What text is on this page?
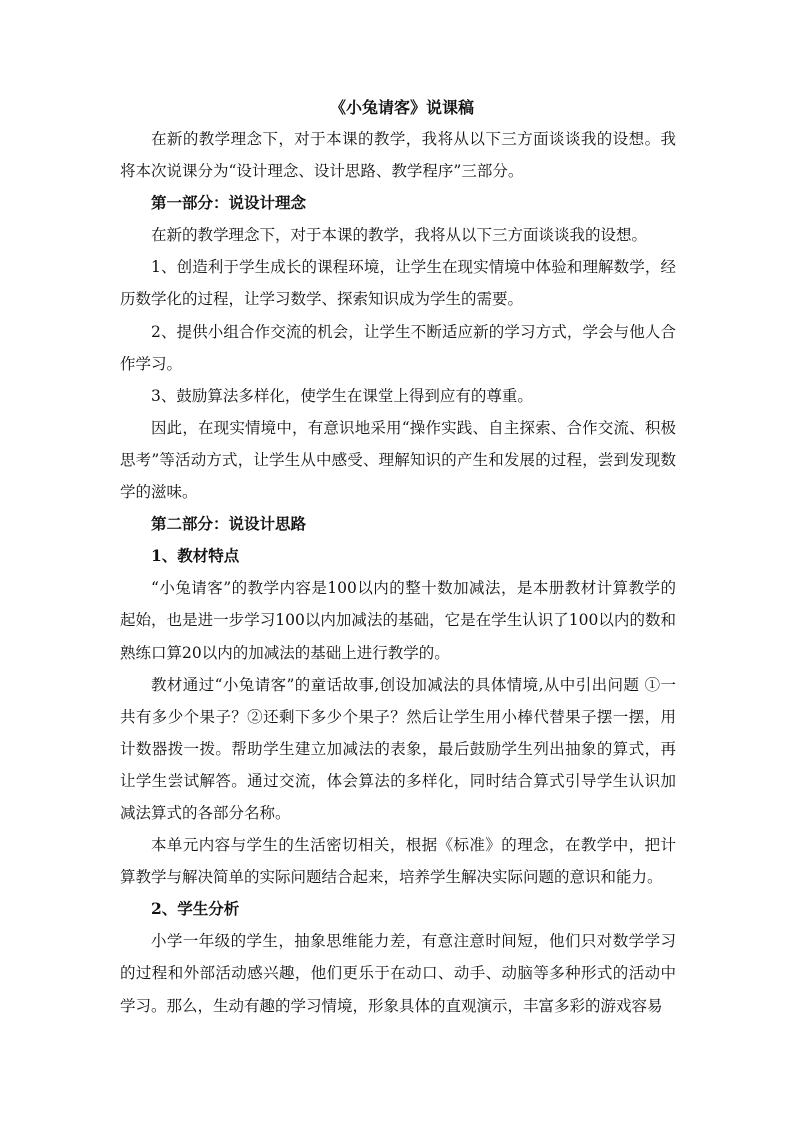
《小兔请客》说课稿

在新的教学理念下，对于本课的教学，我将从以下三方面谈谈我的设想。我将本次说课分为“设计理念、设计思路、教学程序”三部分。

第一部分：说设计理念

在新的教学理念下，对于本课的教学，我将从以下三方面谈谈我的设想。

1、创造利于学生成长的课程环境，让学生在现实情境中体验和理解数学，经历数学化的过程，让学习数学、探索知识成为学生的需要。

2、提供小组合作交流的机会，让学生不断适应新的学习方式，学会与他人合作学习。

3、鼓励算法多样化，使学生在课堂上得到应有的尊重。

因此，在现实情境中，有意识地采用“操作实践、自主探索、合作交流、积极思考”等活动方式，让学生从中感受、理解知识的产生和发展的过程，尝到发现数学的滋味。

第二部分：说设计思路

1、教材特点

“小兔请客”的教学内容是100以内的整十数加减法，是本册教材计算教学的起始，也是进一步学习100以内加减法的基础，它是在学生认识了100以内的数和熟练口算20以内的加减法的基础上进行教学的。

教材通过“小兔请客”的童话故事,创设加减法的具体情境,从中引出问题 ①一共有多少个果子？②还剩下多少个果子？然后让学生用小棒代替果子摆一摆，用计数器拨一拨。帮助学生建立加减法的表象，最后鼓励学生列出抽象的算式，再让学生尝试解答。通过交流，体会算法的多样化，同时结合算式引导学生认识加减法算式的各部分名称。

本单元内容与学生的生活密切相关，根据《标准》的理念，在教学中，把计算教学与解决简单的实际问题结合起来，培养学生解决实际问题的意识和能力。

2、学生分析

小学一年级的学生，抽象思维能力差，有意注意时间短，他们只对数学学习的过程和外部活动感兴趣，他们更乐于在动口、动手、动脑等多种形式的活动中学习。那么，生动有趣的学习情境，形象具体的直观演示，丰富多彩的游戏容易
